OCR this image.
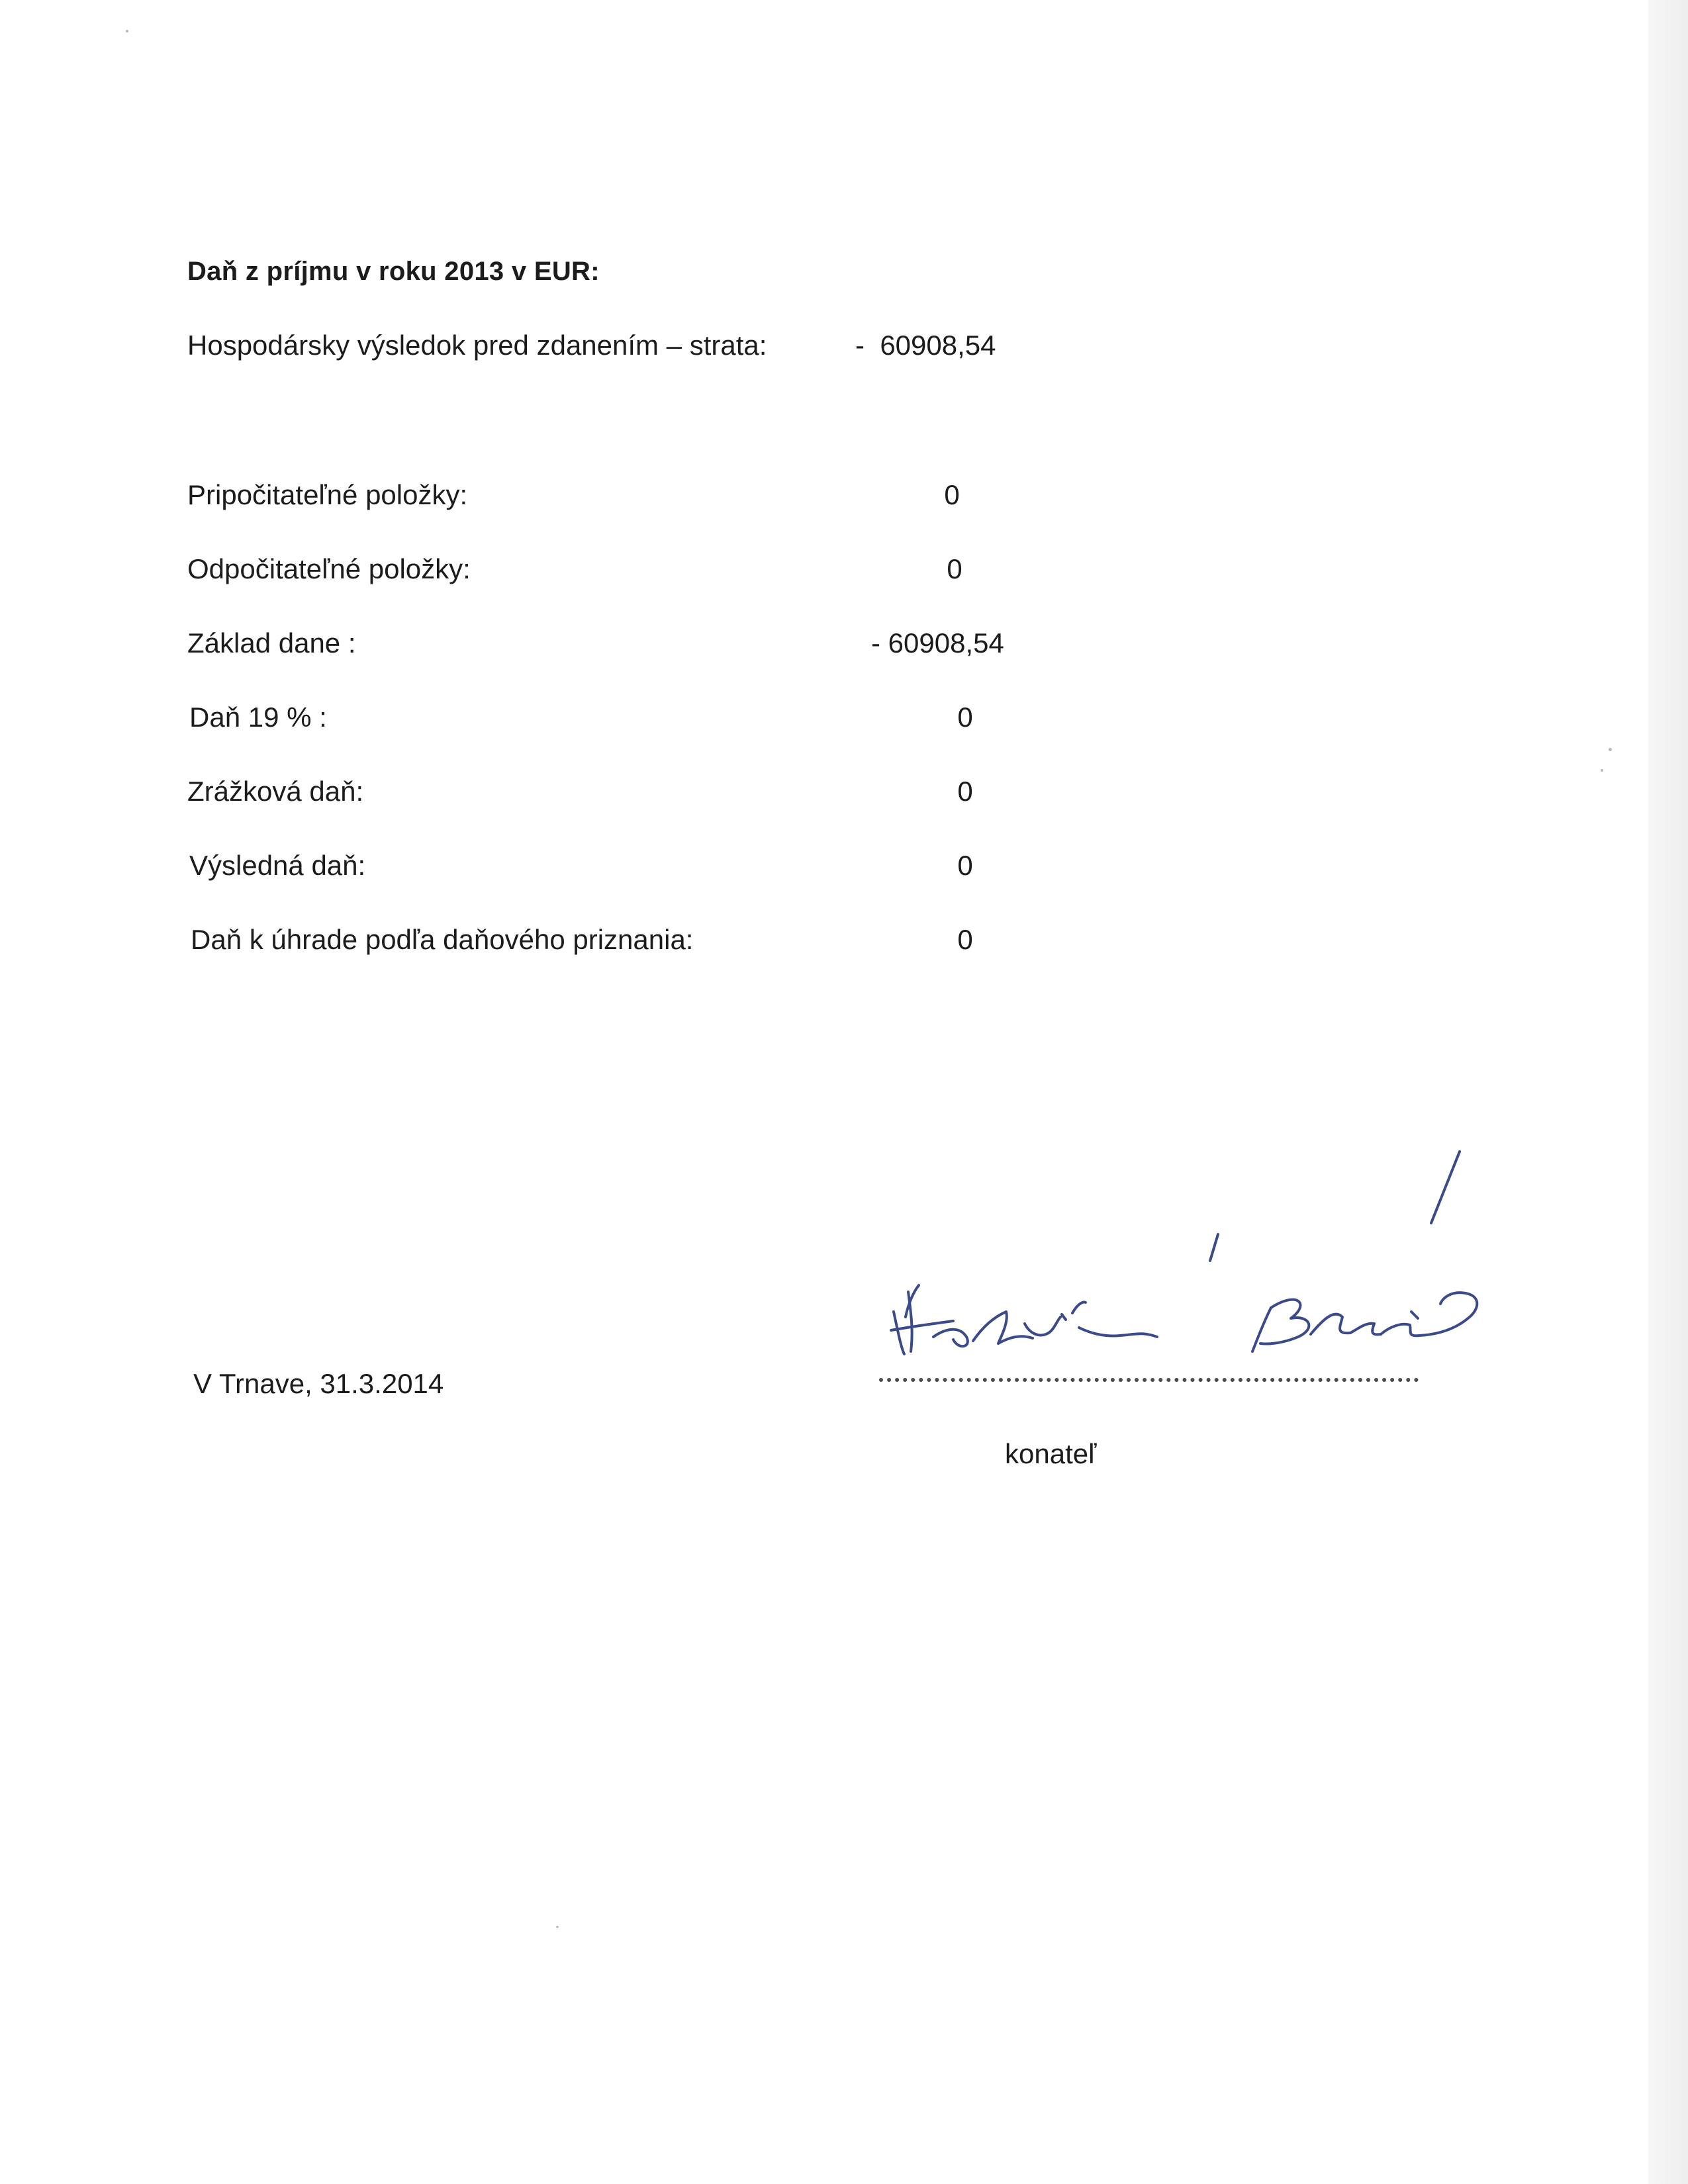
Daň z príjmu v roku 2013 v EUR:
Hospodársky výsledok pred zdanením – strata:	-  60908,54
Pripočitateľné položky:	0
Odpočitateľné položky:	0
Základ dane :	- 60908,54
Daň 19 % :	0
Zrážková daň:	0
Výsledná daň:	0
Daň k úhrade podľa daňového priznania:	0
V Trnave, 31.3.2014
konateľ
